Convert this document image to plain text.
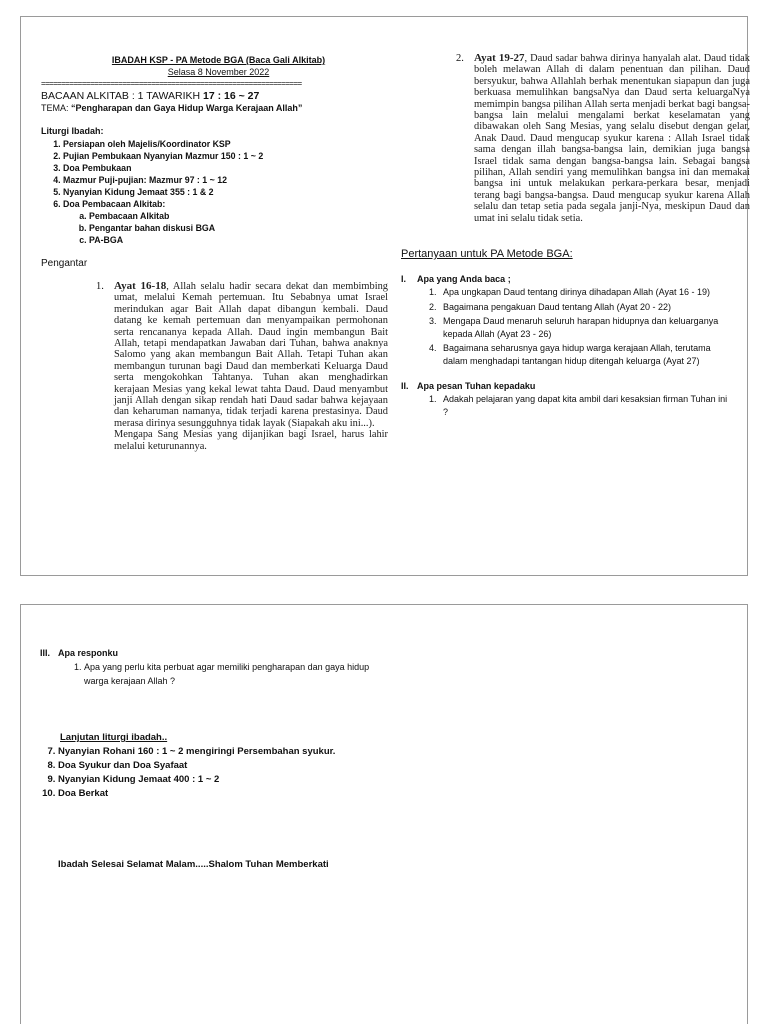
IBADAH KSP - PA Metode BGA (Baca Gali Alkitab)
Selasa 8 November 2022
================================================================
BACAAN ALKITAB : 1 TAWARIKH 17 : 16 ~ 27
TEMA: “Pengharapan dan Gaya Hidup Warga Kerajaan Allah”
Liturgi Ibadah:
1. Persiapan oleh Majelis/Koordinator KSP
2. Pujian Pembukaan Nyanyian Mazmur 150 : 1 ~ 2
3. Doa Pembukaan
4. Mazmur Puji-pujian: Mazmur 97 : 1 ~ 12
5. Nyanyian Kidung Jemaat 355 : 1 & 2
6. Doa Pembacaan Alkitab:
a. Pembacaan Alkitab
b. Pengantar bahan diskusi BGA
c. PA-BGA
Pengantar
1. Ayat 16-18, Allah selalu hadir secara dekat dan membimbing umat, melalui Kemah pertemuan. Itu Sebabnya umat Israel merindukan agar Bait Allah dapat dibangun kembali. Daud datang ke kemah pertemuan dan menyampaikan permohonan serta rencananya kepada Allah. Daud ingin membangun Bait Allah, tetapi mendapatkan Jawaban dari Tuhan, bahwa anaknya Salomo yang akan membangun Bait Allah. Tetapi Tuhan akan membangun turunan bagi Daud dan memberkati Keluarga Daud serta mengokohkan Tahtanya. Tuhan akan menghadirkan kerajaan Mesias yang kekal lewat tahta Daud. Daud menyambut janji Allah dengan sikap rendah hati Daud sadar bahwa kejayaan dan keharuman namanya, tidak terjadi karena prestasinya. Daud merasa dirinya sesungguhnya tidak layak (Siapakah aku ini...).
Mengapa Sang Mesias yang dijanjikan bagi Israel, harus lahir melalui keturunannya.
2. Ayat 19-27, Daud sadar bahwa dirinya hanyalah alat. Daud tidak boleh melawan Allah di dalam penentuan dan pilihan. Daud bersyukur, bahwa Allahlah berhak menentukan siapapun dan juga berkuasa memulihkan bangsaNya dan Daud serta keluargaNya memimpin bangsa pilihan Allah serta menjadi berkat bagi bangsa-bangsa lain melalui mengalami berkat keselamatan yang dibawakan oleh Sang Mesias, yang selalu disebut dengan gelar, Anak Daud. Daud mengucap syukur karena : Allah Israel tidak sama dengan illah bangsa-bangsa lain, demikian juga bangsa Israel tidak sama dengan bangsa-bangsa lain. Sebagai bangsa pilihan, Allah sendiri yang memulihkan bangsa ini dan memakai bangsa ini untuk melakukan perkara-perkara besar, menjadi terang bagi bangsa-bangsa. Daud mengucap syukur karena Allah selalu dan tetap setia pada segala janji-Nya, meskipun Daud dan umat ini selalu tidak setia.
Pertanyaan untuk PA Metode BGA:
I.	Apa yang Anda baca ;
1. Apa ungkapan Daud tentang dirinya dihadapan Allah (Ayat 16 - 19)
2. Bagaimana pengakuan Daud tentang Allah (Ayat 20 - 22)
3. Mengapa Daud menaruh seluruh harapan hidupnya dan keluarganya kepada Allah (Ayat 23 - 26)
4. Bagaimana seharusnya gaya hidup warga kerajaan Allah, terutama dalam menghadapi tantangan hidup ditengah keluarga (Ayat 27)
II. Apa pesan Tuhan kepadaku
1. Adakah pelajaran yang dapat kita ambil dari kesaksian firman Tuhan ini ?
III. Apa responku
1. Apa yang perlu kita perbuat agar memiliki pengharapan dan gaya hidup warga kerajaan Allah ?
Lanjutan liturgi ibadah..
7. Nyanyian Rohani 160 : 1 ~ 2 mengiringi Persembahan syukur.
8. Doa Syukur dan Doa Syafaat
9. Nyanyian Kidung Jemaat 400 : 1 ~ 2
10. Doa Berkat
Ibadah Selesai Selamat Malam.....Shalom Tuhan Memberkati
